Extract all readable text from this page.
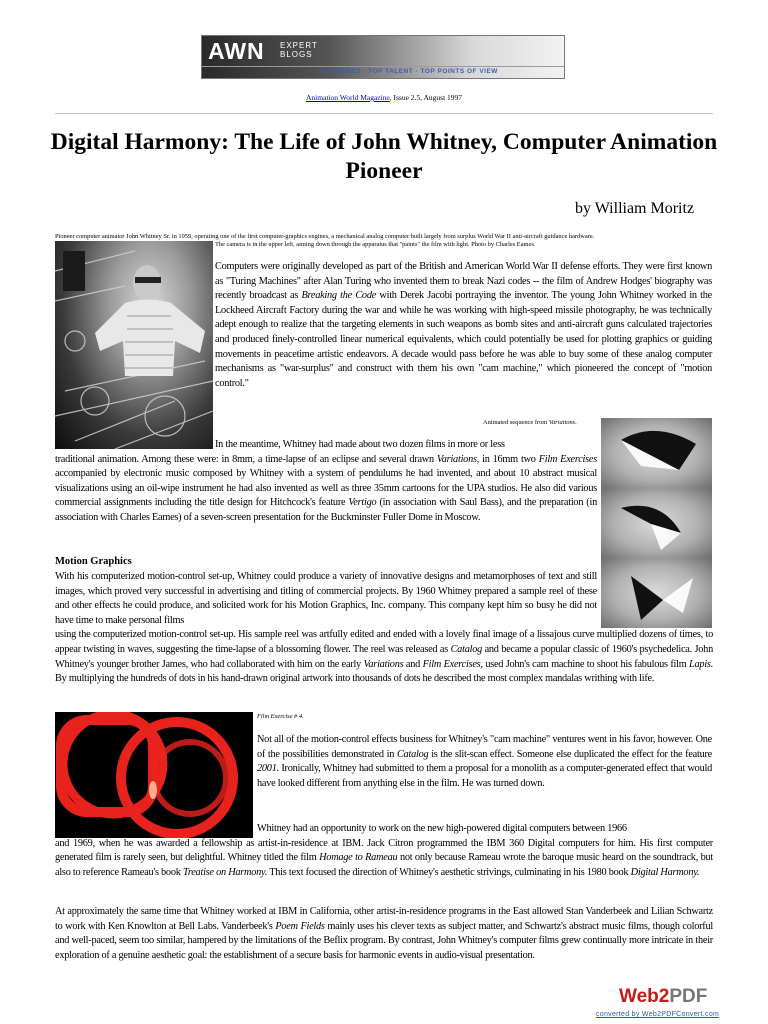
AWN EXPERT
BLOGS
TOP NAMES · TOP TALENT · TOP POINTS OF VIEW
Animation World Magazine, Issue 2.5, August 1997
Digital Harmony: The Life of John Whitney, Computer Animation Pioneer
by William Moritz
Pioneer computer animator John Whitney Sr. in 1959, operating one of the first computer-graphics engines, a mechanical analog computer built largely from surplus World War II anti-aircraft guidance hardware.
The camera is in the upper left, aiming down through the apparatus that "paints" the film with light. Photo by Charles Eames.

Computers were originally developed as part of the British and American World War II defense efforts. They were first known as "Turing Machines" after Alan Turing who invented them to break Nazi codes -- the film of Andrew Hodges' biography was recently broadcast as Breaking the Code with Derek Jacobi portraying the inventor. The young John Whitney worked in the Lockheed Aircraft Factory during the war and while he was working with high-speed missile photography, he was technically adept enough to realize that the targeting elements in such weapons as bomb sites and anti-aircraft guns calculated trajectories and produced finely-controlled linear numerical equivalents, which could potentially be used for plotting graphics or guiding movements in peacetime artistic endeavors. A decade would pass before he was able to buy some of these analog computer mechanisms as "war-surplus" and construct with them his own "cam machine," which pioneered the concept of "motion control."

Animated sequence from Variations.
In the meantime, Whitney had made about two dozen films in more or less
traditional animation. Among these were: in 8mm, a time-lapse of an eclipse and several drawn Variations, in 16mm two Film Exercises accompanied by electronic music composed by Whitney with a system of pendulums he had invented, and about 10 abstract musical visualizations using an oil-wipe instrument he had also invented as well as three 35mm cartoons for the UPA studios. He also did various commercial assignments including the title design for Hitchcock's feature Vertigo (in association with Saul Bass), and the preparation (in association with Charles Eames) of a seven-screen presentation for the Buckminster Fuller Dome in Moscow.
Motion Graphics
With his computerized motion-control set-up, Whitney could produce a variety of innovative designs and metamorphoses of text and still images, which proved very successful in advertising and titling of commercial projects. By 1960 Whitney prepared a sample reel of these and other effects he could produce, and solicited work for his Motion Graphics, Inc. company. This company kept him so busy he did not have time to make personal films
using the computerized motion-control set-up. His sample reel was artfully edited and ended with a lovely final image of a lissajous curve multiplied dozens of times, to appear twisting in waves, suggesting the time-lapse of a blossoming flower. The reel was released as Catalog and became a popular classic of 1960's psychedelica. John Whitney's younger brother James, who had collaborated with him on the early Variations and Film Exercises, used John's cam machine to shoot his fabulous film Lapis. By multiplying the hundreds of dots in his hand-drawn original artwork into thousands of dots he described the most complex mandalas writhing with life.
Film Exercise # 4.
Not all of the motion-control effects business for Whitney's "cam machine" ventures went in his favor, however. One of the possibilities demonstrated in Catalog is the slit-scan effect. Someone else duplicated the effect for the feature 2001. Ironically, Whitney had submitted to them a proposal for a monolith as a computer-generated effect that would have looked different from anything else in the film. He was turned down.
Whitney had an opportunity to work on the new high-powered digital computers between 1966
and 1969, when he was awarded a fellowship as artist-in-residence at IBM. Jack Citron programmed the IBM 360 Digital computers for him. His first computer generated film is rarely seen, but delightful. Whitney titled the film Homage to Rameau not only because Rameau wrote the baroque music heard on the soundtrack, but also to reference Rameau's book Treatise on Harmony. This text focused the direction of Whitney's aesthetic strivings, culminating in his 1980 book Digital Harmony.
At approximately the same time that Whitney worked at IBM in California, other artist-in-residence programs in the East allowed Stan Vanderbeek and Lilian Schwartz to work with Ken Knowlton at Bell Labs. Vanderbeek's Poem Fields mainly uses his clever texts as subject matter, and Schwartz's abstract music films, though colorful and well-paced, seem too similar, hampered by the limitations of the Beflix program. By contrast, John Whitney's computer films grew continually more intricate in their exploration of a genuine aesthetic goal: the establishment of a secure basis for harmonic events in audio-visual presentation.
Web2PDF
converted by Web2PDFConvert.com
